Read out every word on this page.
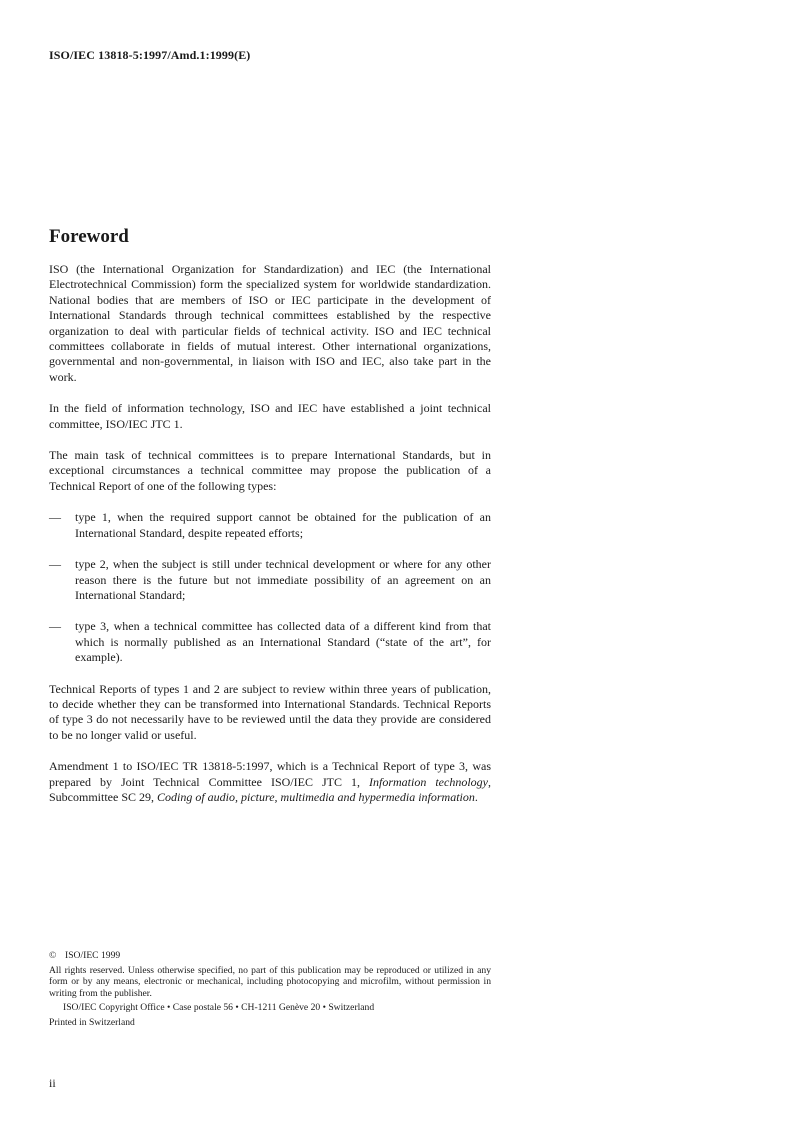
ISO/IEC 13818-5:1997/Amd.1:1999(E)
Foreword

ISO (the International Organization for Standardization) and IEC (the International Electrotechnical Commission) form the specialized system for worldwide standardization. National bodies that are members of ISO or IEC participate in the development of International Standards through technical committees established by the respective organization to deal with particular fields of technical activity. ISO and IEC technical committees collaborate in fields of mutual interest. Other international organizations, governmental and non-governmental, in liaison with ISO and IEC, also take part in the work.

In the field of information technology, ISO and IEC have established a joint technical committee, ISO/IEC JTC 1.

The main task of technical committees is to prepare International Standards, but in exceptional circumstances a technical committee may propose the publication of a Technical Report of one of the following types:

—	type 1, when the required support cannot be obtained for the publication of an International Standard, despite repeated efforts;
—	type 2, when the subject is still under technical development or where for any other reason there is the future but not immediate possibility of an agreement on an International Standard;
—	type 3, when a technical committee has collected data of a different kind from that which is normally published as an International Standard (“state of the art”, for example).

Technical Reports of types 1 and 2 are subject to review within three years of publication, to decide whether they can be transformed into International Standards. Technical Reports of type 3 do not necessarily have to be reviewed until the data they provide are considered to be no longer valid or useful.

Amendment 1 to ISO/IEC TR 13818-5:1997, which is a Technical Report of type 3, was prepared by Joint Technical Committee ISO/IEC JTC 1, Information technology, Subcommittee SC 29, Coding of audio, picture, multimedia and hypermedia information.

© ISO/IEC 1999
All rights reserved. Unless otherwise specified, no part of this publication may be reproduced or utilized in any form or by any means, electronic or mechanical, including photocopying and microfilm, without permission in writing from the publisher.
ISO/IEC Copyright Office • Case postale 56 • CH-1211 Genève 20 • Switzerland
Printed in Switzerland
ii
